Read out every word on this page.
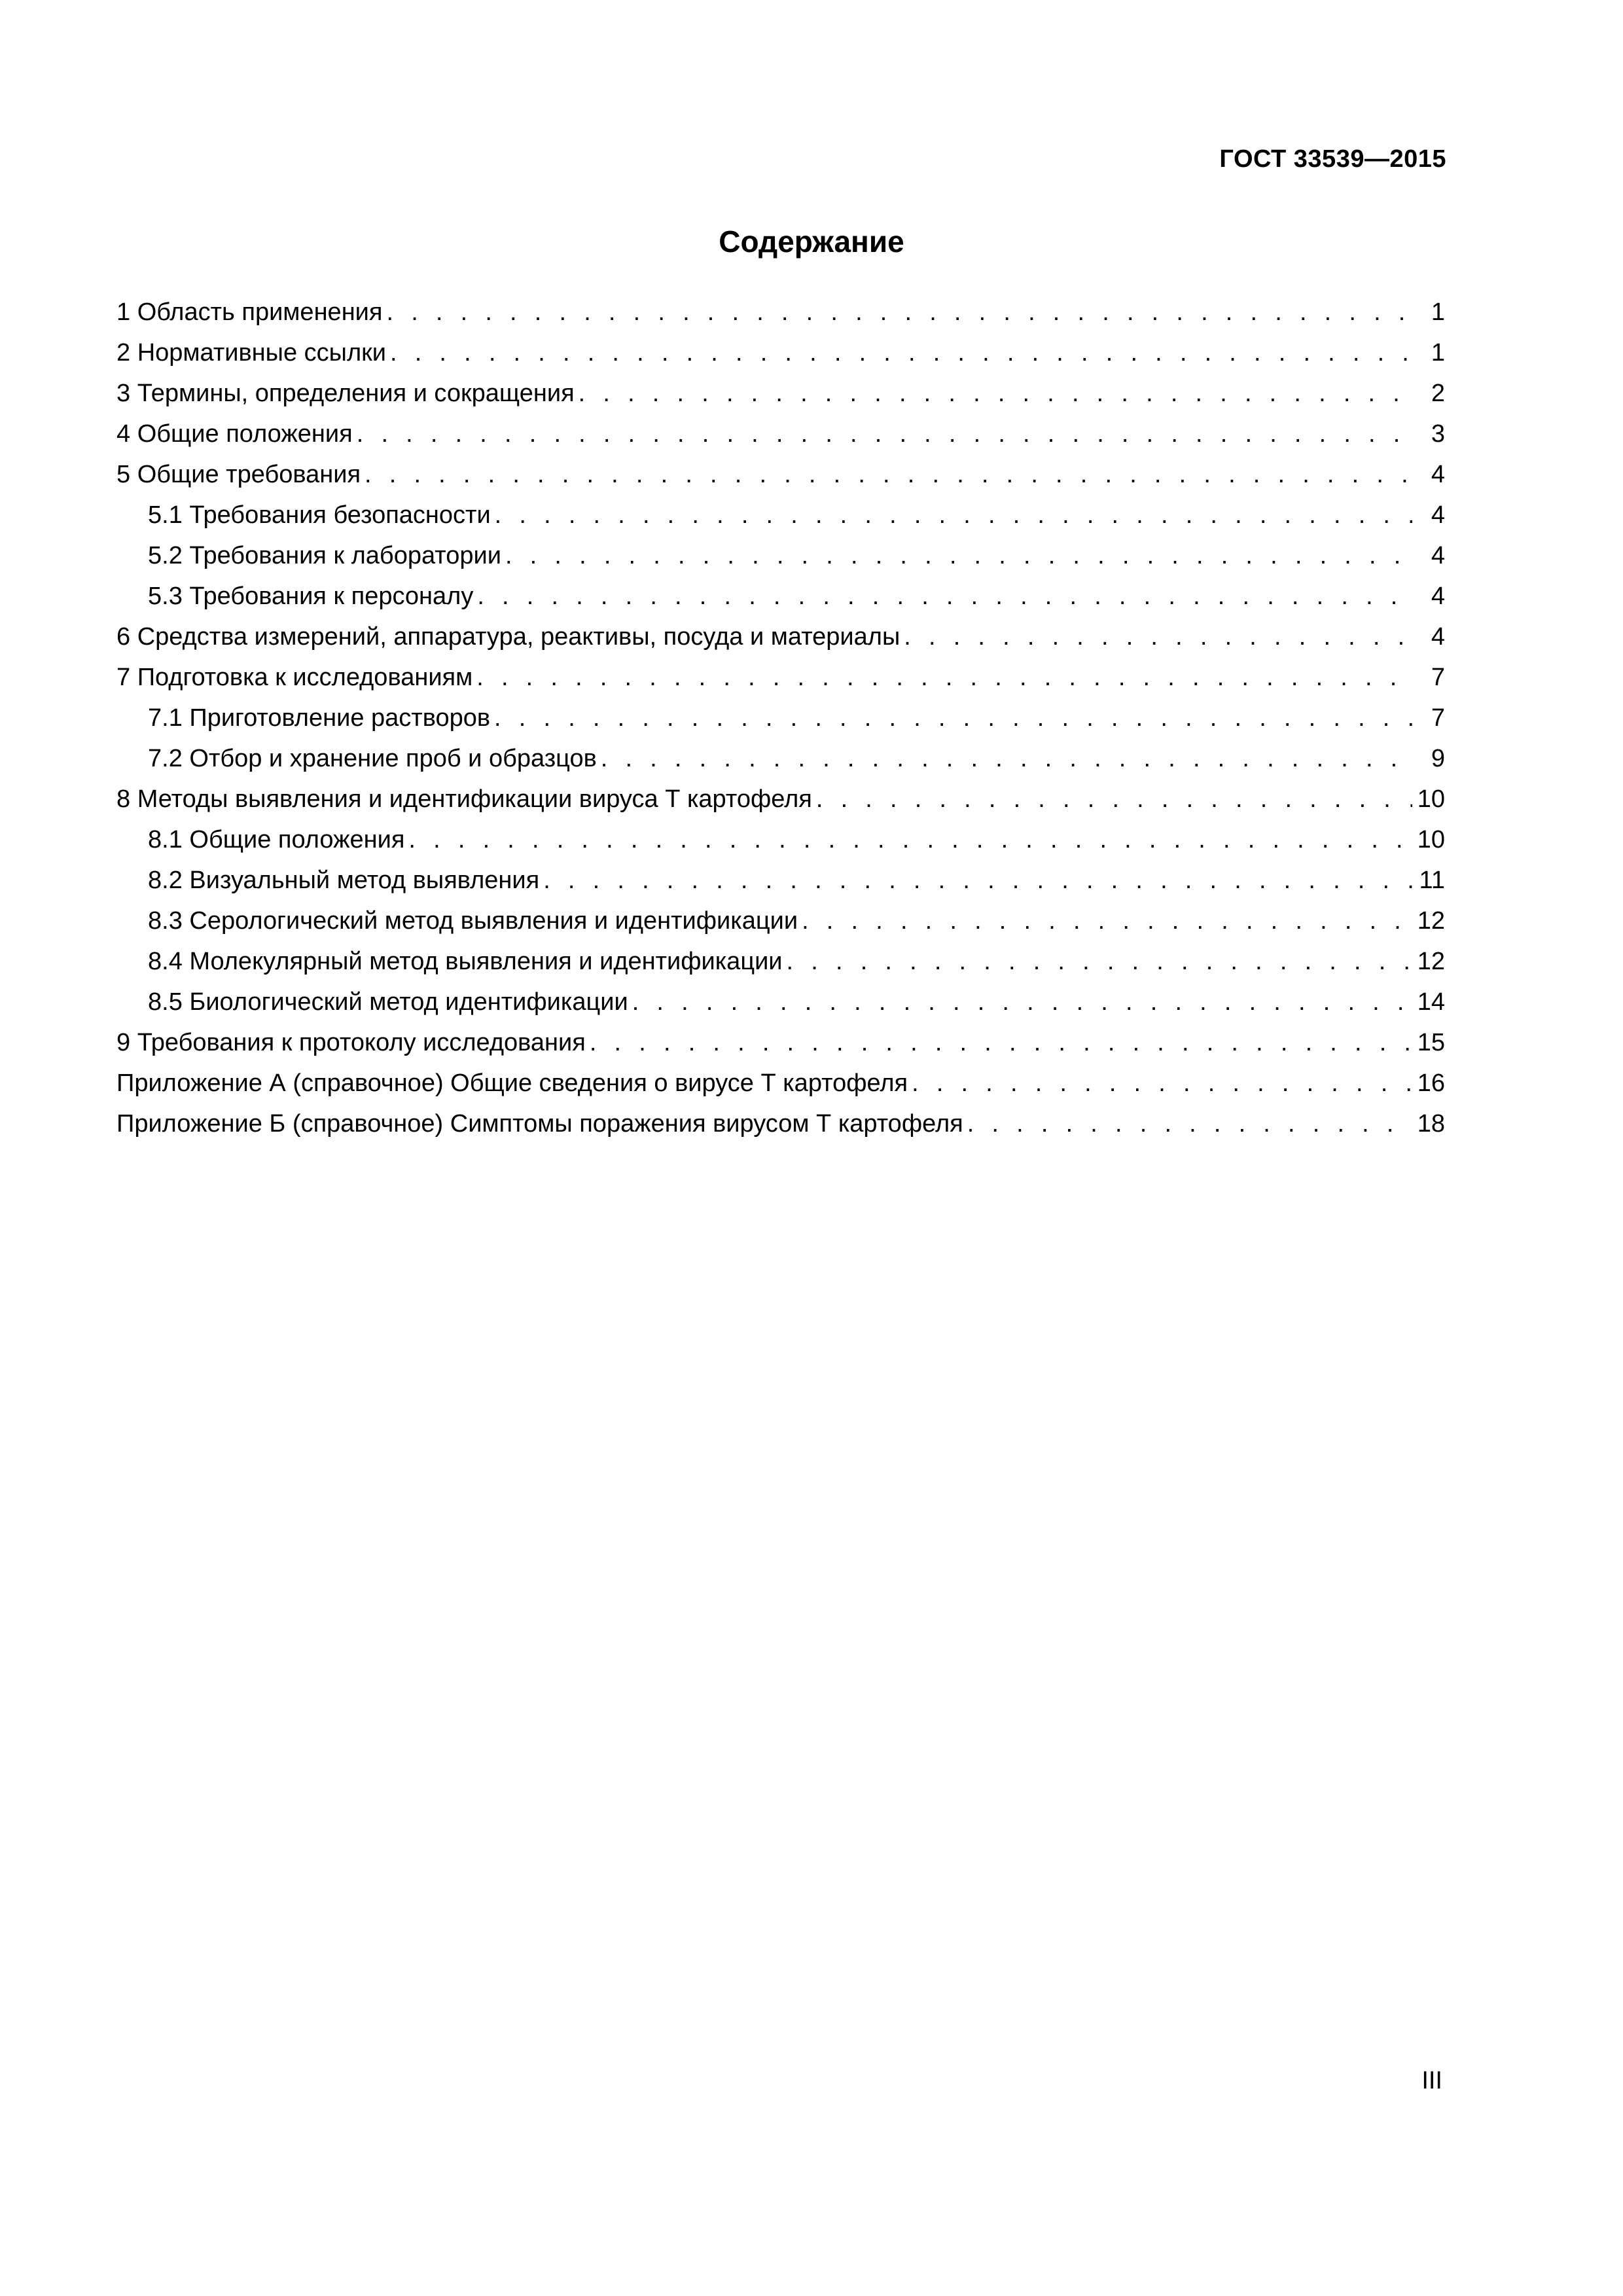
ГОСТ 33539—2015
Содержание
1 Область применения . . .	1
2 Нормативные ссылки . . .	1
3 Термины, определения и сокращения . . .	2
4 Общие положения . . .	3
5 Общие требования . . .	4
5.1 Требования безопасности . . .	4
5.2 Требования к лаборатории . . .	4
5.3 Требования к персоналу . . .	4
6 Средства измерений, аппаратура, реактивы, посуда и материалы . . .	4
7 Подготовка к исследованиям . . .	7
7.1 Приготовление растворов . . .	7
7.2 Отбор и хранение проб и образцов . . .	9
8 Методы выявления и идентификации вируса Т картофеля . . .	10
8.1 Общие положения . . .	10
8.2 Визуальный метод выявления . . .	11
8.3 Серологический метод выявления и идентификации . . .	12
8.4 Молекулярный метод выявления и идентификации . . .	12
8.5 Биологический метод идентификации . . .	14
9 Требования к протоколу исследования . . .	15
Приложение А (справочное) Общие сведения о вирусе Т картофеля . . .	16
Приложение Б (справочное) Симптомы поражения вирусом Т картофеля . . .	18
III
